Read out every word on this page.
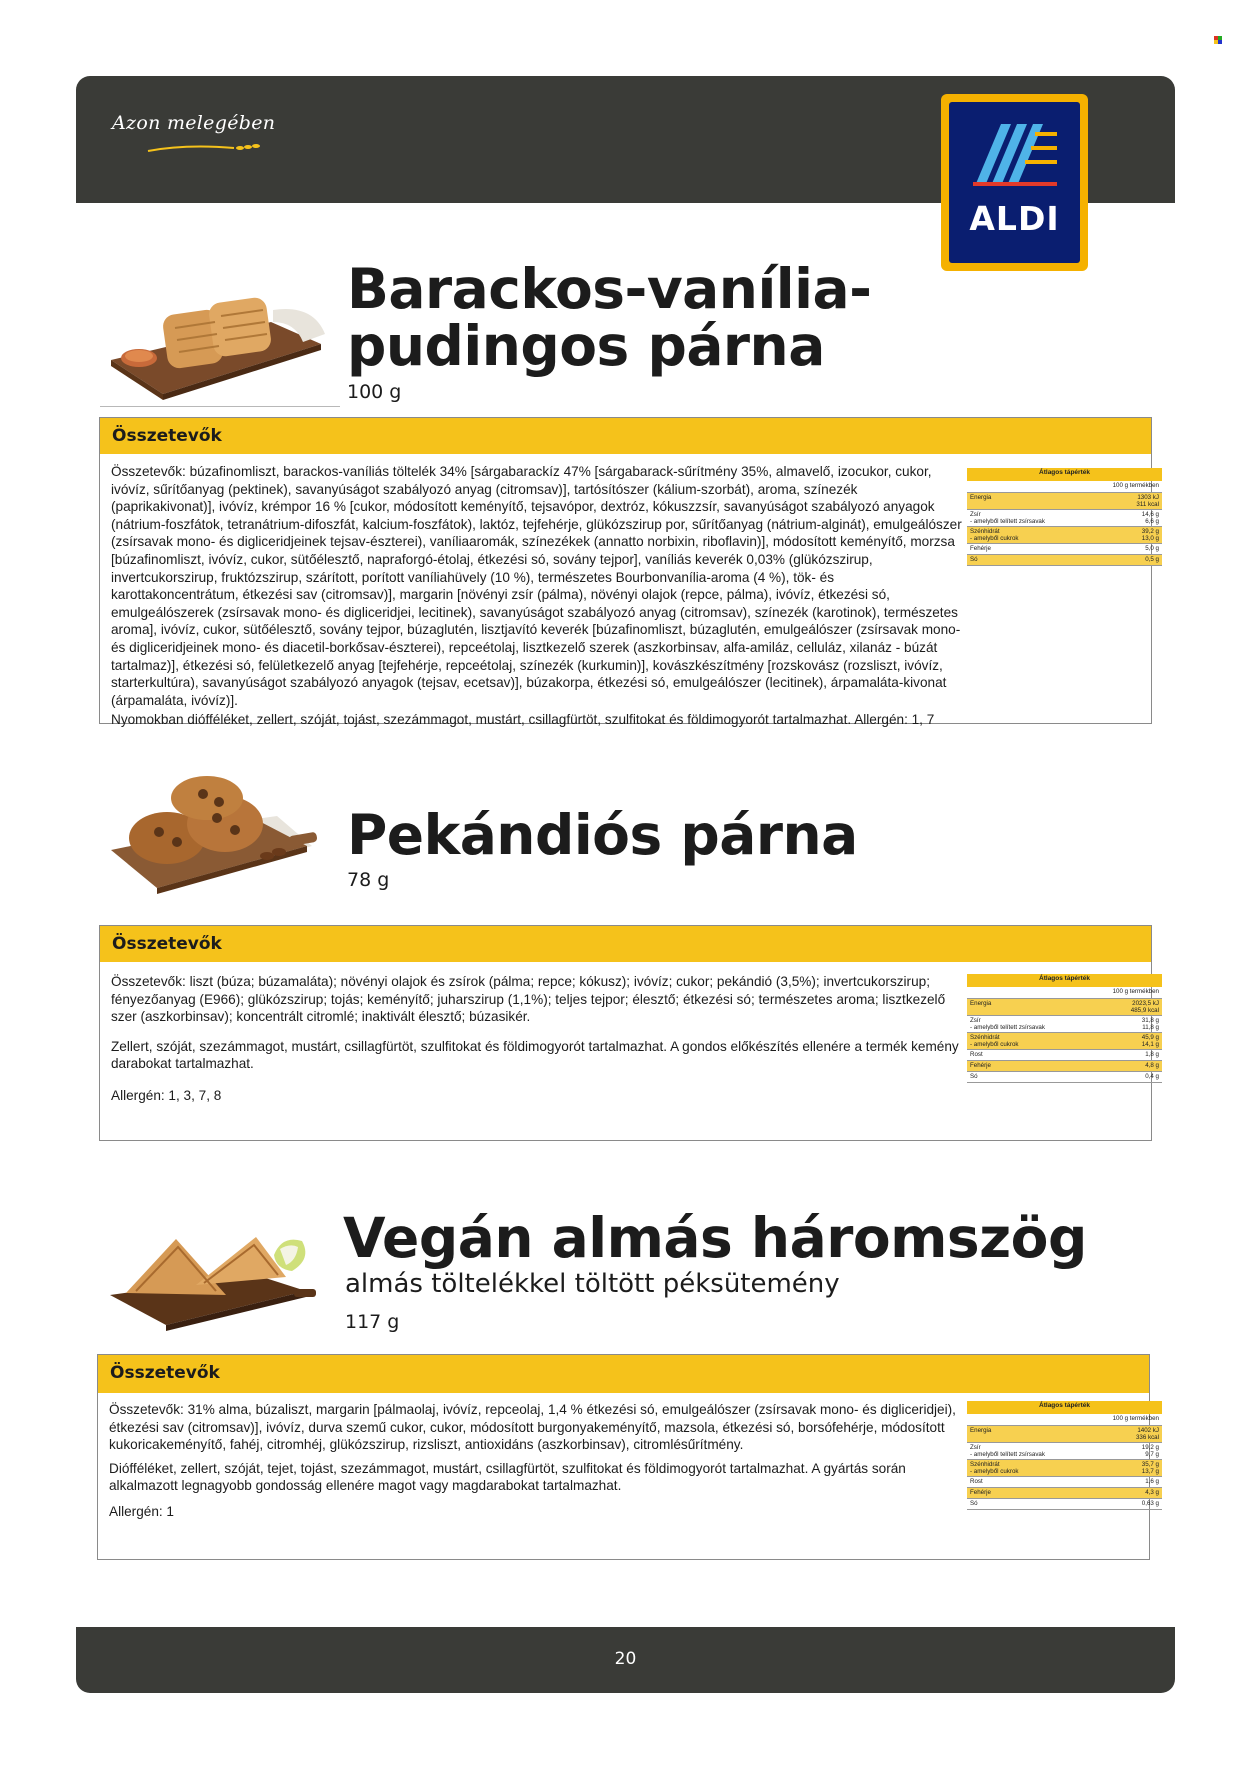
Azon melegében
ALDI
Barackos-vanília-
pudingos párna
100 g
Összetevők

Összetevők: búzafinomliszt, barackos-vaníliás töltelék 34% [sárgabarackíz 47% [sárgabarack-sűrítmény 35%, almavelő, izocukor, cukor, ivóvíz, sűrítőanyag (pektinek), savanyúságot szabályozó anyag (citromsav)], tartósítószer (kálium-szorbát), aroma, színezék (paprikakivonat)], ivóvíz, krémpor 16 % [cukor, módosított keményítő, tejsavópor, dextróz, kókuszzsír, savanyúságot szabályozó anyagok (nátrium-foszfátok, tetranátrium-difoszfát, kalcium-foszfátok), laktóz, tejfehérje, glükózszirup por, sűrítőanyag (nátrium-alginát), emulgeálószer (zsírsavak mono- és digliceridjeinek tejsav-észterei), vaníliaaromák, színezékek (annatto norbixin, riboflavin)], módosított keményítő, morzsa [búzafinomliszt, ivóvíz, cukor, sütőélesztő, napraforgó-étolaj, étkezési só, sovány tejpor], vaníliás keverék 0,03% (glükózszirup, invertcukorszirup, fruktózszirup, szárított, porított vaníliahüvely (10 %), természetes Bourbonvanília-aroma (4 %), tök- és karottakoncentrátum, étkezési sav (citromsav)], margarin [növényi zsír (pálma), növényi olajok (repce, pálma), ivóvíz, étkezési só, emulgeálószerek (zsírsavak mono- és digliceridjei, lecitinek), savanyúságot szabályozó anyag (citromsav), színezék (karotinok), természetes aroma], ivóvíz, cukor, sütőélesztő, sovány tejpor, búzaglutén, lisztjavító keverék [búzafinomliszt, búzaglutén, emulgeálószer (zsírsavak mono- és digliceridjeinek mono- és diacetil-borkősav-észterei), repceétolaj, lisztkezelő szerek (aszkorbinsav, alfa-amiláz, celluláz, xilanáz - búzát tartalmaz)], étkezési só, felületkezelő anyag [tejfehérje, repceétolaj, színezék (kurkumin)], kovászkészítmény [rozskovász (rozsliszt, ivóvíz, starterkultúra), savanyúságot szabályozó anyagok (tejsav, ecetsav)], búzakorpa, étkezési só, emulgeálószer (lecitinek), árpamaláta-kivonat (árpamaláta, ivóvíz)].

Nyomokban diófféléket, zellert, szóját, tojást, szezámmagot, mustárt, csillagfürtöt, szulfitokat és földimogyorót tartalmazhat. Allergén: 1, 7

Átlagos tápérték	
	100 g termékben
Energia	1303 kJ
311 kcal
Zsír
- amelyből telített zsírsavak	14,6 g
6,6 g
Szénhidrát
- amelyből cukrok	39,2 g
13,0 g
Fehérje	5,0 g
Só	0,5 g
Pekándiós párna
78 g
Összetevők

Összetevők: liszt (búza; búzamaláta); növényi olajok és zsírok (pálma; repce; kókusz); ivóvíz; cukor; pekándió (3,5%); invertcukorszirup; fényezőanyag (E966); glükózszirup; tojás; keményítő; juharszirup (1,1%); teljes tejpor; élesztő; étkezési só; természetes aroma; lisztkezelő szer (aszkorbinsav); koncentrált citromlé; inaktivált élesztő; búzasikér.

Zellert, szóját, szezámmagot, mustárt, csillagfürtöt, szulfitokat és földimogyorót tartalmazhat. A gondos előkészítés ellenére a termék kemény darabokat tartalmazhat.

Allergén: 1, 3, 7, 8

Átlagos tápérték	
	100 g termékben
Energia	2023,5 kJ
485,9 kcal
Zsír
- amelyből telített zsírsavak	31,8 g
11,8 g
Szénhidrát
- amelyből cukrok	45,9 g
14,1 g
Rost	1,8 g
Fehérje	4,8 g
Só	0,4 g
Vegán almás háromszög
almás töltelékkel töltött péksütemény
117 g
Összetevők

Összetevők: 31% alma, búzaliszt, margarin [pálmaolaj, ivóvíz, repceolaj, 1,4 % étkezési só, emulgeálószer (zsírsavak mono- és digliceridjei), étkezési sav (citromsav)], ivóvíz, durva szemű cukor, cukor, módosított burgonyakeményítő, mazsola, étkezési só, borsófehérje, módosított kukoricakeményítő, fahéj, citromhéj, glükózszirup, rizsliszt, antioxidáns (aszkorbinsav), citromlésűrítmény.

Diófféléket, zellert, szóját, tejet, tojást, szezámmagot, mustárt, csillagfürtöt, szulfitokat és földimogyorót tartalmazhat. A gyártás során alkalmazott legnagyobb gondosság ellenére magot vagy magdarabokat tartalmazhat.

Allergén: 1

Átlagos tápérték	
	100 g termékben
Energia	1402 kJ
336 kcal
Zsír
- amelyből telített zsírsavak	19,2 g
9,7 g
Szénhidrát
- amelyből cukrok	35,7 g
13,7 g
Rost	1,6 g
Fehérje	4,3 g
Só	0,63 g
20
